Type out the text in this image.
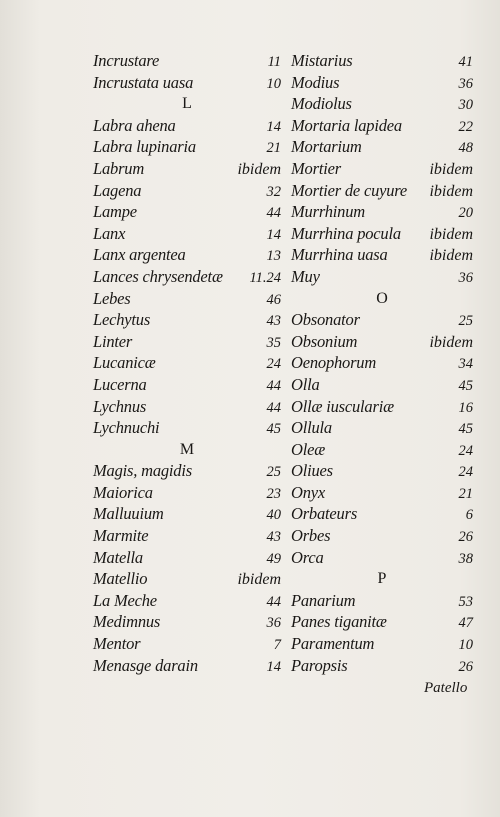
Incrustare	11
Incrustata uasa	10
L
Labra ahena	14
Labra lupinaria	21
Labrum	ibidem
Lagena	32
Lampe	44
Lanx	14
Lanx argentea	13
Lances chrysendetæ 11.24
Lebes	46
Lechytus	43
Linter	35
Lucanicæ	24
Lucerna	44
Lychnus	44
Lychnuchi	45
M
Magis, magidis	25
Maiorica	23
Malluuium	40
Marmite	43
Matella	49
Matellio	ibidem
La Meche	44
Medimnus	36
Mentor	7
Menasge darain	14
Mistarius	41
Modius	36
Modiolus	30
Mortaria lapidea	22
Mortarium	48
Mortier	ibidem
Mortier de cuyure ibidem
Murrhinum	20
Murrhina pocula ibidem
Murrhina uasa	ibidem
Muy	36
O
Obsonator	25
Obsonium	ibidem
Oenophorum	34
Olla	45
Ollæ iusculariæ	16
Ollula	45
Oleæ	24
Oliues	24
Onyx	21
Orbateurs	6
Orbes	26
Orca	38
P
Panarium	53
Panes tiganitæ	47
Paramentum	10
Paropsis	26
Patello
